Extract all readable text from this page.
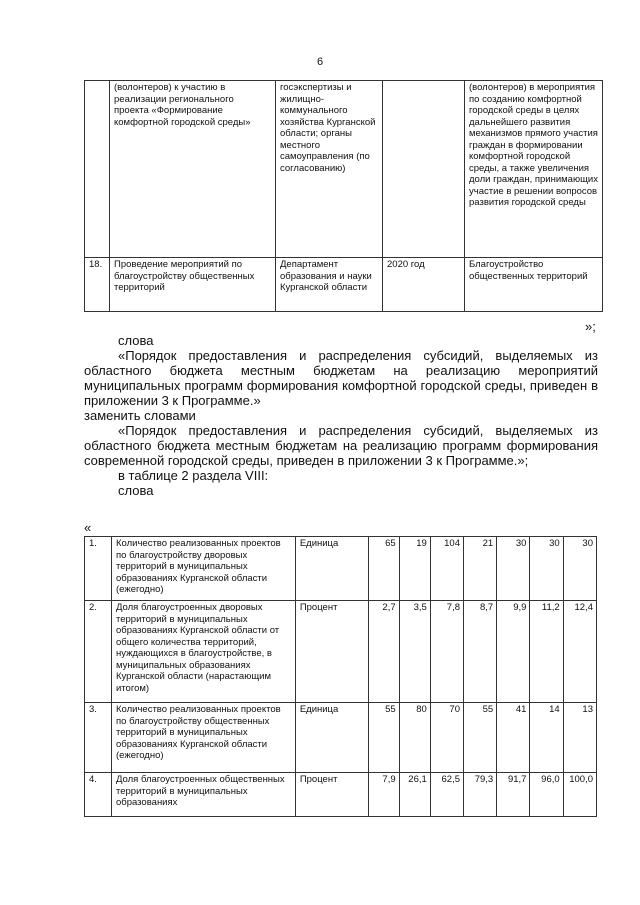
6
	(волонтеров) к участию в реализации регионального проекта «Формирование комфортной городской среды»	госэкспертизы и жилищно-коммунального хозяйства Курганской области; органы местного самоуправления (по согласованию)		(волонтеров) в мероприятия по созданию комфортной городской среды в целях дальнейшего развития механизмов прямого участия граждан в формировании комфортной городской среды, а также увеличения доли граждан, принимающих участие в решении вопросов развития городской среды
18.	Проведение мероприятий по благоустройству общественных территорий	Департамент образования и науки Курганской области	2020 год	Благоустройство общественных территорий
»;

слова

«Порядок предоставления и распределения субсидий, выделяемых из областного бюджета местным бюджетам на реализацию мероприятий муниципальных программ формирования комфортной городской среды, приведен в приложении 3 к Программе.»

заменить словами

«Порядок предоставления и распределения субсидий, выделяемых из областного бюджета местным бюджетам на реализацию программ формирования современной городской среды, приведен в приложении 3 к Программе.»;

в таблице 2 раздела VIII:

слова

«
1.	Количество реализованных проектов по благоустройству дворовых территорий в муниципальных образованиях Курганской области (ежегодно)	Единица	65	19	104	21	30	30	30
2.	Доля благоустроенных дворовых территорий в муниципальных образованиях Курганской области от общего количества территорий, нуждающихся в благоустройстве, в муниципальных образованиях Курганской области (нарастающим итогом)	Процент	2,7	3,5	7,8	8,7	9,9	11,2	12,4
3.	Количество реализованных проектов по благоустройству общественных территорий в муниципальных образованиях Курганской области (ежегодно)	Единица	55	80	70	55	41	14	13
4.	Доля благоустроенных общественных территорий в муниципальных образованиях	Процент	7,9	26,1	62,5	79,3	91,7	96,0	100,0
